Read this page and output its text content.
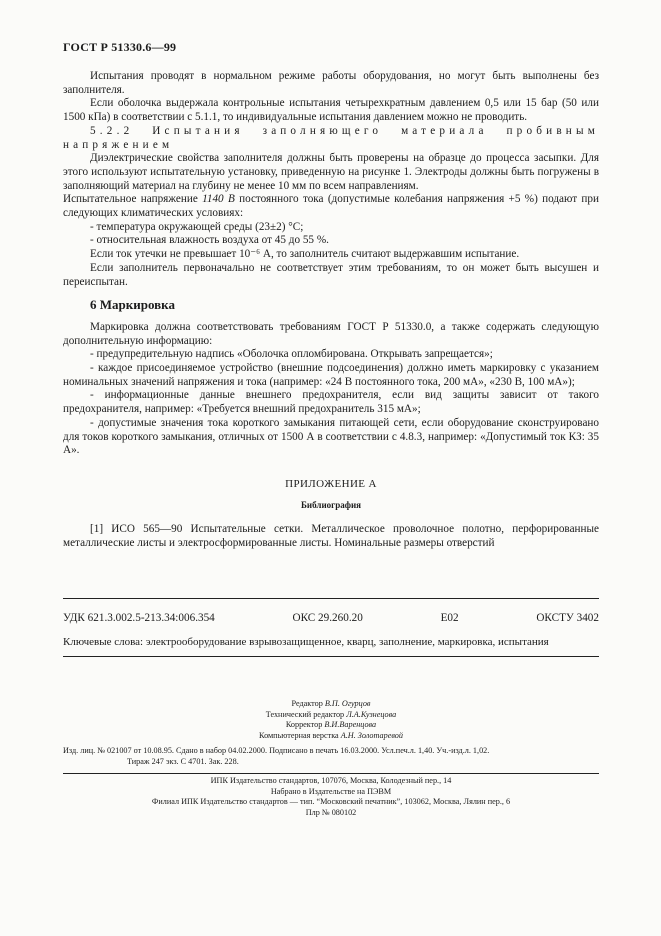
ГОСТ Р 51330.6—99

Испытания проводят в нормальном режиме работы оборудования, но могут быть выполнены без заполнителя.

Если оболочка выдержала контрольные испытания четырехкратным давлением 0,5 или 15 бар (50 или 1500 кПа) в соответствии с 5.1.1, то индивидуальные испытания давлением можно не проводить.

5.2.2 Испытания заполняющего материала пробивным напряжением

Диэлектрические свойства заполнителя должны быть проверены на образце до процесса засыпки. Для этого используют испытательную установку, приведенную на рисунке 1. Электроды должны быть погружены в заполняющий материал на глубину не менее 10 мм по всем направлениям.

Испытательное напряжение 1140 В постоянного тока (допустимые колебания напряжения +5 %) подают при следующих климатических условиях:

- температура окружающей среды (23±2) °С;

- относительная влажность воздуха от 45 до 55 %.

Если ток утечки не превышает 10⁻⁶ А, то заполнитель считают выдержавшим испытание.

Если заполнитель первоначально не соответствует этим требованиям, то он может быть высушен и переиспытан.

6 Маркировка

Маркировка должна соответствовать требованиям ГОСТ Р 51330.0, а также содержать следующую дополнительную информацию:

- предупредительную надпись «Оболочка опломбирована. Открывать запрещается»;

- каждое присоединяемое устройство (внешние подсоединения) должно иметь маркировку с указанием номинальных значений напряжения и тока (например: «24 В постоянного тока, 200 мА», «230 В, 100 мА»);

- информационные данные внешнего предохранителя, если вид защиты зависит от такого предохранителя, например: «Требуется внешний предохранитель 315 мА»;

- допустимые значения тока короткого замыкания питающей сети, если оборудование сконструировано для токов короткого замыкания, отличных от 1500 А в соответствии с 4.8.3, например: «Допустимый ток КЗ: 35 А».

ПРИЛОЖЕНИЕ А

Библиография

[1] ИСО 565—90 Испытательные сетки. Металлическое проволочное полотно, перфорированные металлические листы и электросформированные листы. Номинальные размеры отверстий

УДК 621.3.002.5-213.34:006.354	ОКС 29.260.20	Е02	ОКСТУ 3402
Ключевые слова: электрооборудование взрывозащищенное, кварц, заполнение, маркировка, испытания
Редактор В.П. Огурцов
Технический редактор Л.А.Кузнецова
Корректор В.И.Варенцова
Компьютерная верстка А.Н. Золотаревой

Изд. лиц. № 021007 от 10.08.95. Сдано в набор 04.02.2000. Подписано в печать 16.03.2000. Усл.печ.л. 1,40. Уч.-изд.л. 1,02.

Тираж 247 экз. С 4701. Зак. 228.

ИПК Издательство стандартов, 107076, Москва, Колодезный пер., 14
Набрано в Издательстве на ПЭВМ
Филиал ИПК Издательство стандартов — тип. “Московский печатник”, 103062, Москва, Лялин пер., 6
Плр № 080102
